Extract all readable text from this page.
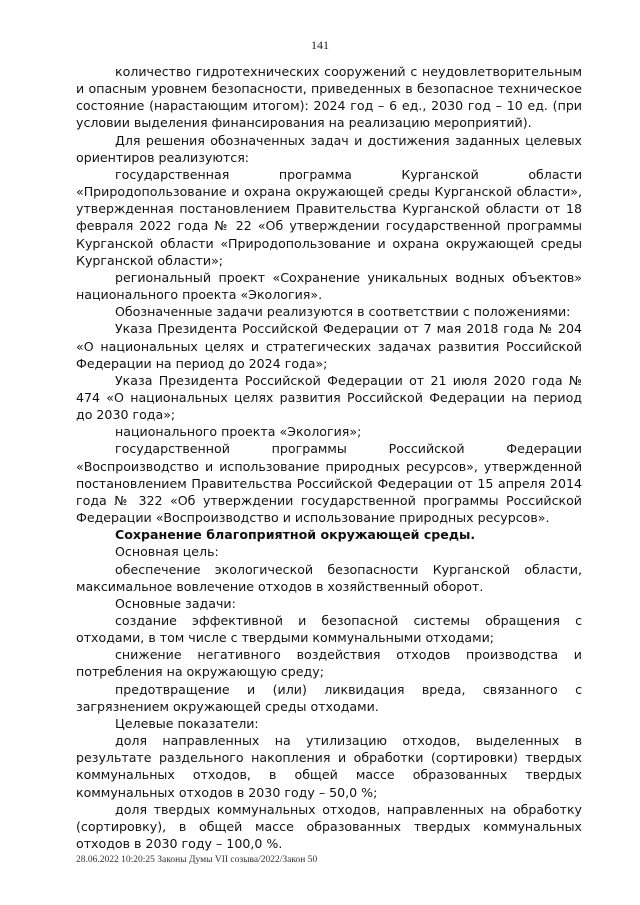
141

количество гидротехнических сооружений с неудовлетворительным и опасным уровнем безопасности, приведенных в безопасное техническое состояние (нарастающим итогом): 2024 год – 6 ед., 2030 год – 10 ед. (при условии выделения финансирования на реализацию мероприятий).

Для решения обозначенных задач и достижения заданных целевых ориентиров реализуются:

государственная программа Курганской области «Природопользование и охрана окружающей среды Курганской области», утвержденная постановлением Правительства Курганской области от 18 февраля 2022 года № 22 «Об утверждении государственной программы Курганской области «Природопользование и охрана окружающей среды Курганской области»;

региональный проект «Сохранение уникальных водных объектов» национального проекта «Экология».

Обозначенные задачи реализуются в соответствии с положениями:

Указа Президента Российской Федерации от 7 мая 2018 года № 204 «О национальных целях и стратегических задачах развития Российской Федерации на период до 2024 года»;

Указа Президента Российской Федерации от 21 июля 2020 года № 474 «О национальных целях развития Российской Федерации на период до 2030 года»;

национального проекта «Экология»;

государственной программы Российской Федерации «Воспроизводство и использование природных ресурсов», утвержденной постановлением Правительства Российской Федерации от 15 апреля 2014 года № 322 «Об утверждении государственной программы Российской Федерации «Воспроизводство и использование природных ресурсов».

Сохранение благоприятной окружающей среды.

Основная цель:

обеспечение экологической безопасности Курганской области, максимальное вовлечение отходов в хозяйственный оборот.

Основные задачи:

создание эффективной и безопасной системы обращения с отходами, в том числе с твердыми коммунальными отходами;

снижение негативного воздействия отходов производства и потребления на окружающую среду;

предотвращение и (или) ликвидация вреда, связанного с загрязнением окружающей среды отходами.

Целевые показатели:

доля направленных на утилизацию отходов, выделенных в результате раздельного накопления и обработки (сортировки) твердых коммунальных отходов, в общей массе образованных твердых коммунальных отходов в 2030 году – 50,0 %;

доля твердых коммунальных отходов, направленных на обработку (сортировку), в общей массе образованных твердых коммунальных отходов в 2030 году – 100,0 %.

28.06.2022 10:20:25 Законы Думы VII созыва/2022/Закон 50
